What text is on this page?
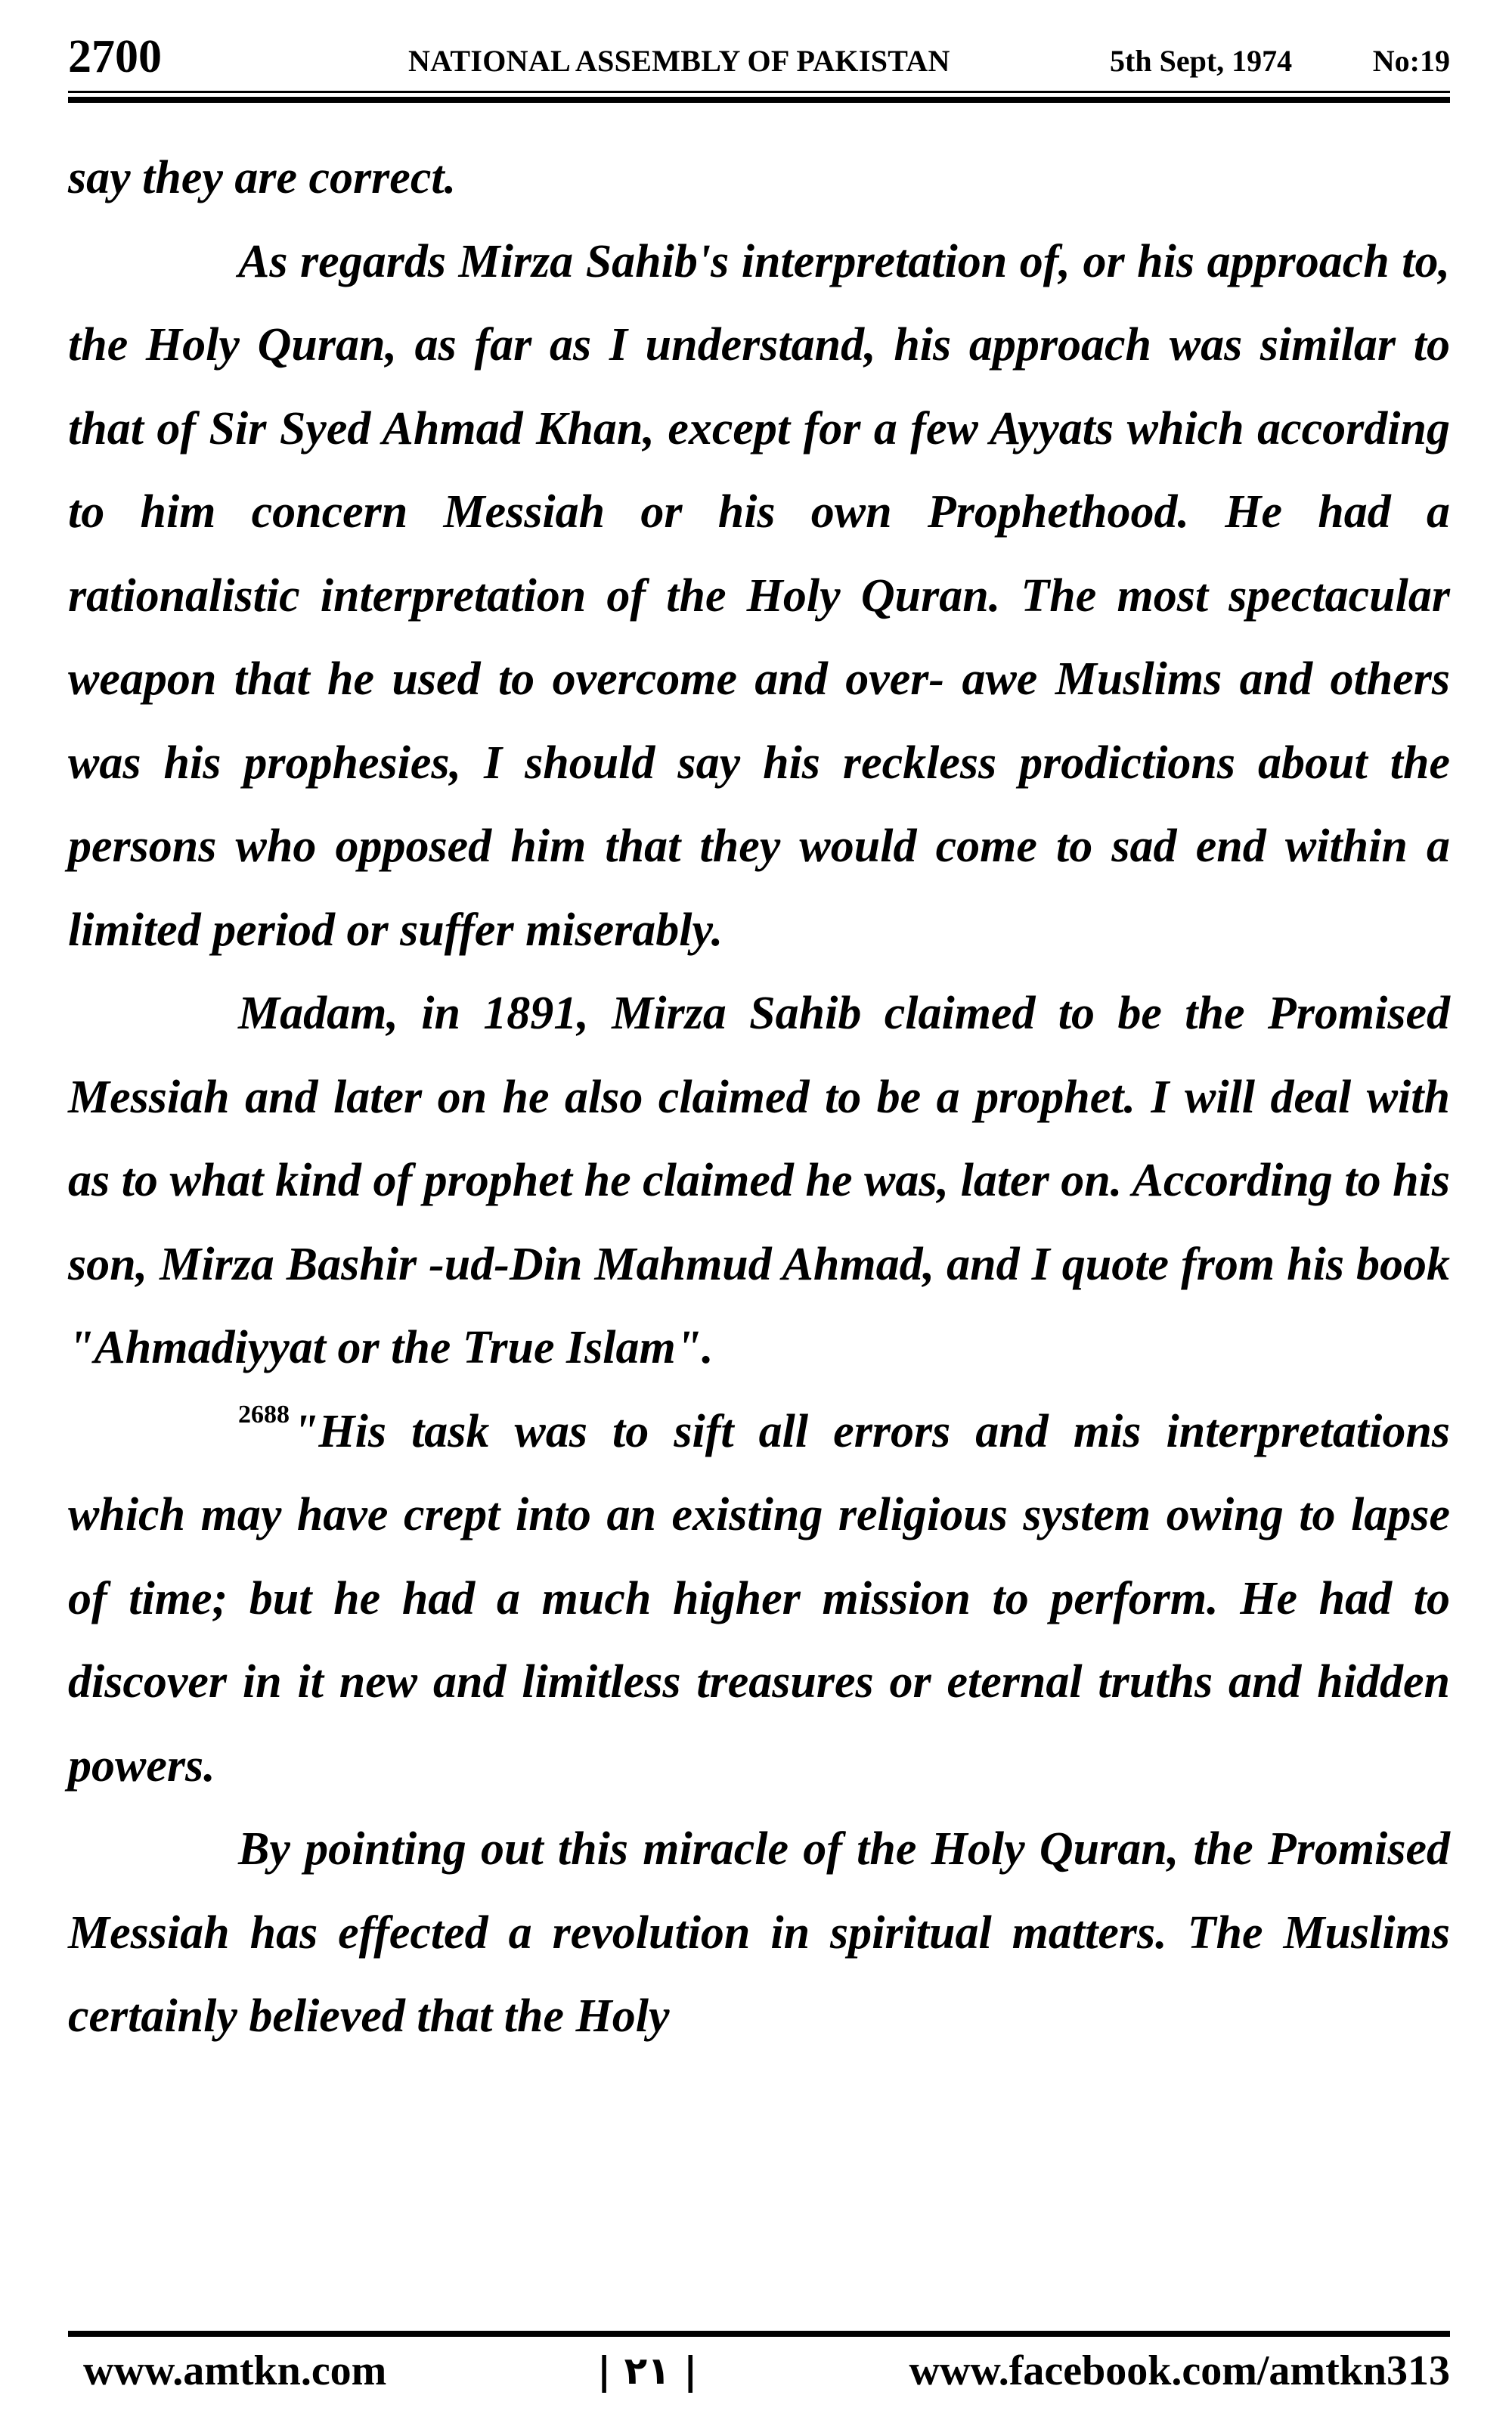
2700	NATIONAL ASSEMBLY OF PAKISTAN	5th Sept, 1974	No:19

say they are correct.

As regards Mirza Sahib's interpretation of, or his approach to, the Holy Quran, as far as I understand, his approach was similar to that of Sir Syed Ahmad Khan, except for a few Ayyats which according to him concern Messiah or his own Prophethood. He had a rationalistic interpretation of the Holy Quran. The most spectacular weapon that he used to overcome and over- awe Muslims and others was his prophesies, I should say his reckless prodictions about the persons who opposed him that they would come to sad end within a limited period or suffer miserably.

Madam, in 1891, Mirza Sahib claimed to be the Promised Messiah and later on he also claimed to be a prophet. I will deal with as to what kind of prophet he claimed he was, later on. According to his son, Mirza Bashir -ud-Din Mahmud Ahmad, and I quote from his book "Ahmadiyyat or the True Islam".

$^{2688}$"His task was to sift all errors and mis interpretations which may have crept into an existing religious system owing to lapse of time; but he had a much higher mission to perform. He had to discover in it new and limitless treasures or eternal truths and hidden powers.

By pointing out this miracle of the Holy Quran, the Promised Messiah has effected a revolution in spiritual matters. The Muslims certainly believed that the Holy

www.amtkn.com	| ۲۱ |	www.facebook.com/amtkn313
